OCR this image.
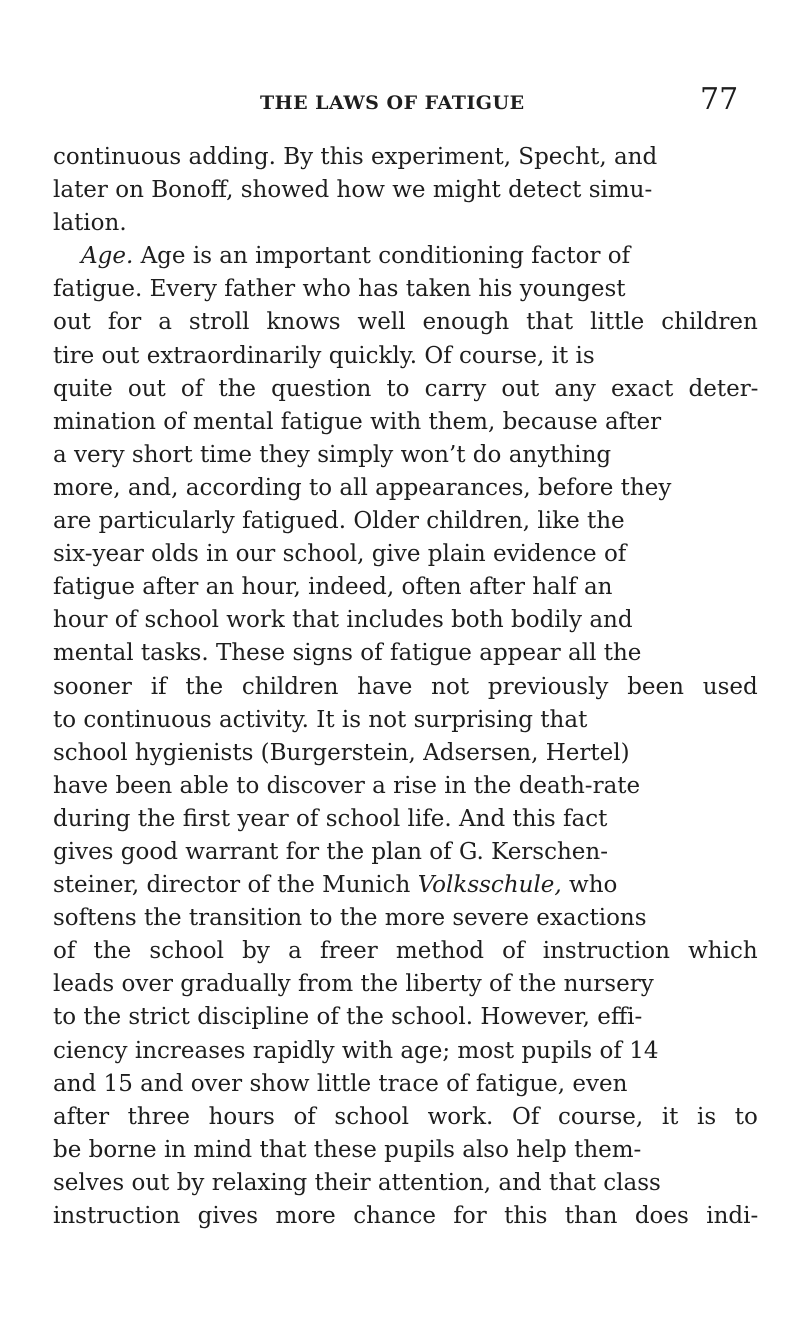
THE LAWS OF FATIGUE	77
continuous adding. By this experiment, Specht, and
later on Bonoff, showed how we might detect simu-
lation.
Age. Age is an important conditioning factor of
fatigue. Every father who has taken his youngest
out for a stroll knows well enough that little children
tire out extraordinarily quickly. Of course, it is
quite out of the question to carry out any exact deter-
mination of mental fatigue with them, because after
a very short time they simply won’t do anything
more, and, according to all appearances, before they
are particularly fatigued. Older children, like the
six-year olds in our school, give plain evidence of
fatigue after an hour, indeed, often after half an
hour of school work that includes both bodily and
mental tasks. These signs of fatigue appear all the
sooner if the children have not previously been used
to continuous activity. It is not surprising that
school hygienists (Burgerstein, Adsersen, Hertel)
have been able to discover a rise in the death-rate
during the first year of school life. And this fact
gives good warrant for the plan of G. Kerschen-
steiner, director of the Munich Volksschule, who
softens the transition to the more severe exactions
of the school by a freer method of instruction which
leads over gradually from the liberty of the nursery
to the strict discipline of the school. However, effi-
ciency increases rapidly with age; most pupils of 14
and 15 and over show little trace of fatigue, even
after three hours of school work. Of course, it is to
be borne in mind that these pupils also help them-
selves out by relaxing their attention, and that class
instruction gives more chance for this than does indi-
